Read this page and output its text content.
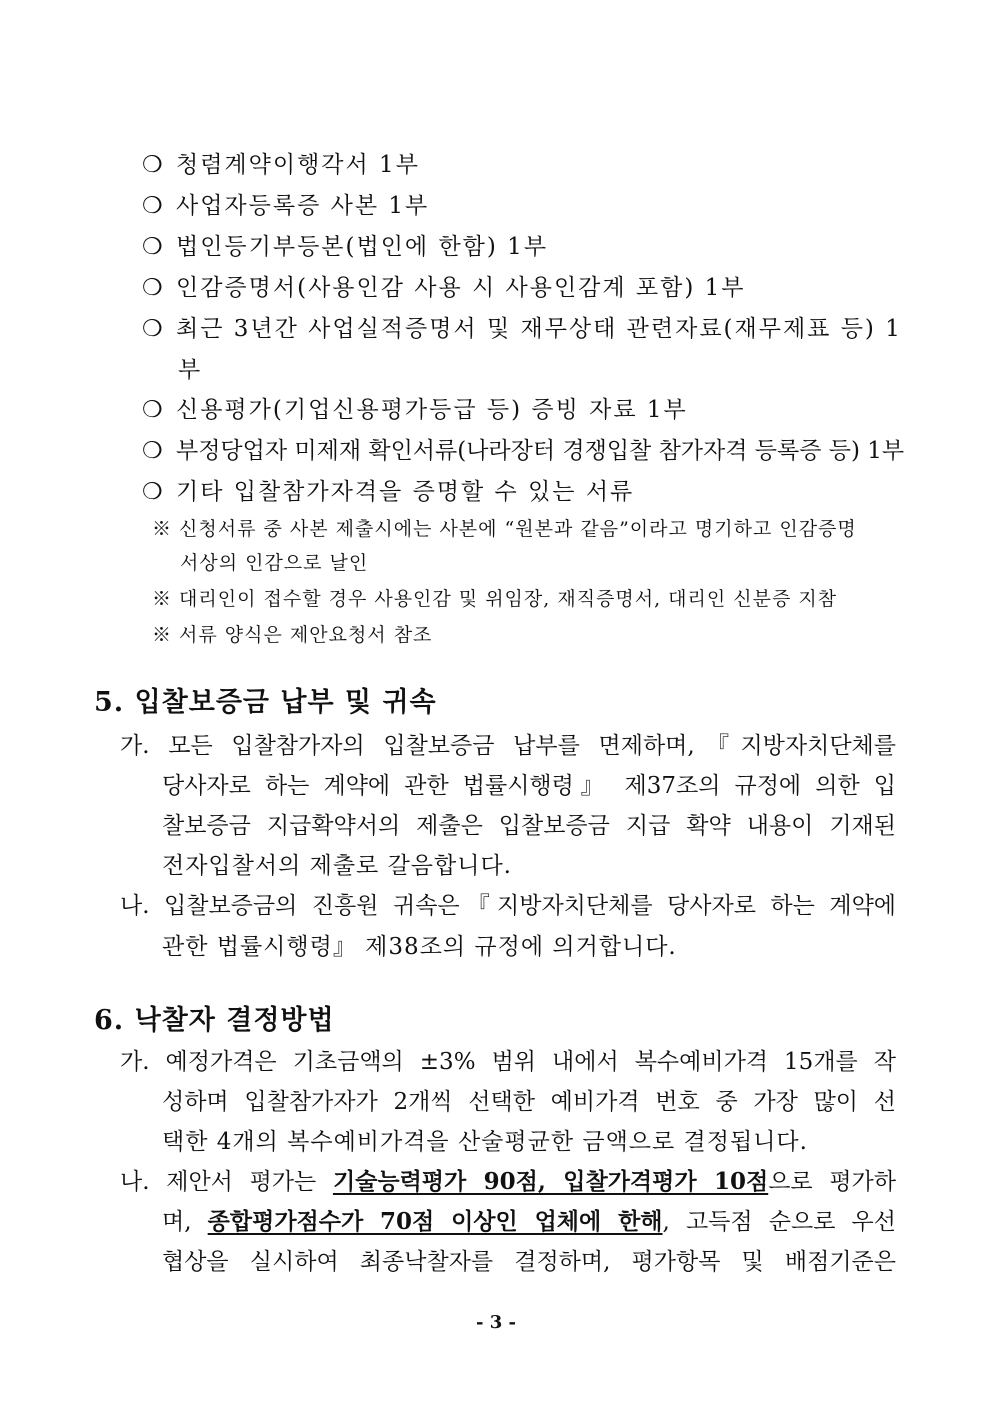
❍ 청렴계약이행각서 1부
❍ 사업자등록증 사본 1부
❍ 법인등기부등본(법인에 한함) 1부
❍ 인감증명서(사용인감 사용 시 사용인감계 포함) 1부
❍ 최근 3년간 사업실적증명서 및 재무상태 관련자료(재무제표 등) 1
부
❍ 신용평가(기업신용평가등급 등) 증빙 자료 1부
❍ 부정당업자 미제재 확인서류(나라장터 경쟁입찰 참가자격 등록증 등) 1부
❍ 기타 입찰참가자격을 증명할 수 있는 서류
※ 신청서류 중 사본 제출시에는 사본에 “원본과 같음”이라고 명기하고 인감증명
서상의 인감으로 날인
※ 대리인이 접수할 경우 사용인감 및 위임장, 재직증명서, 대리인 신분증 지참
※ 서류 양식은 제안요청서 참조
5. 입찰보증금 납부 및 귀속
가. 모든 입찰참가자의 입찰보증금 납부를 면제하며,『지방자치단체를
당사자로 하는 계약에 관한 법률시행령』 제37조의 규정에 의한 입
찰보증금 지급확약서의 제출은 입찰보증금 지급 확약 내용이 기재된
전자입찰서의 제출로 갈음합니다.
나. 입찰보증금의 진흥원 귀속은『지방자치단체를 당사자로 하는 계약에
관한 법률시행령』 제38조의 규정에 의거합니다.
6. 낙찰자 결정방법
가. 예정가격은 기초금액의 ±3% 범위 내에서 복수예비가격 15개를 작
성하며 입찰참가자가 2개씩 선택한 예비가격 번호 중 가장 많이 선
택한 4개의 복수예비가격을 산술평균한 금액으로 결정됩니다.
나. 제안서 평가는 기술능력평가 90점, 입찰가격평가 10점으로 평가하
며, 종합평가점수가 70점 이상인 업체에 한해, 고득점 순으로 우선
협상을 실시하여 최종낙찰자를 결정하며, 평가항목 및 배점기준은
- 3 -
